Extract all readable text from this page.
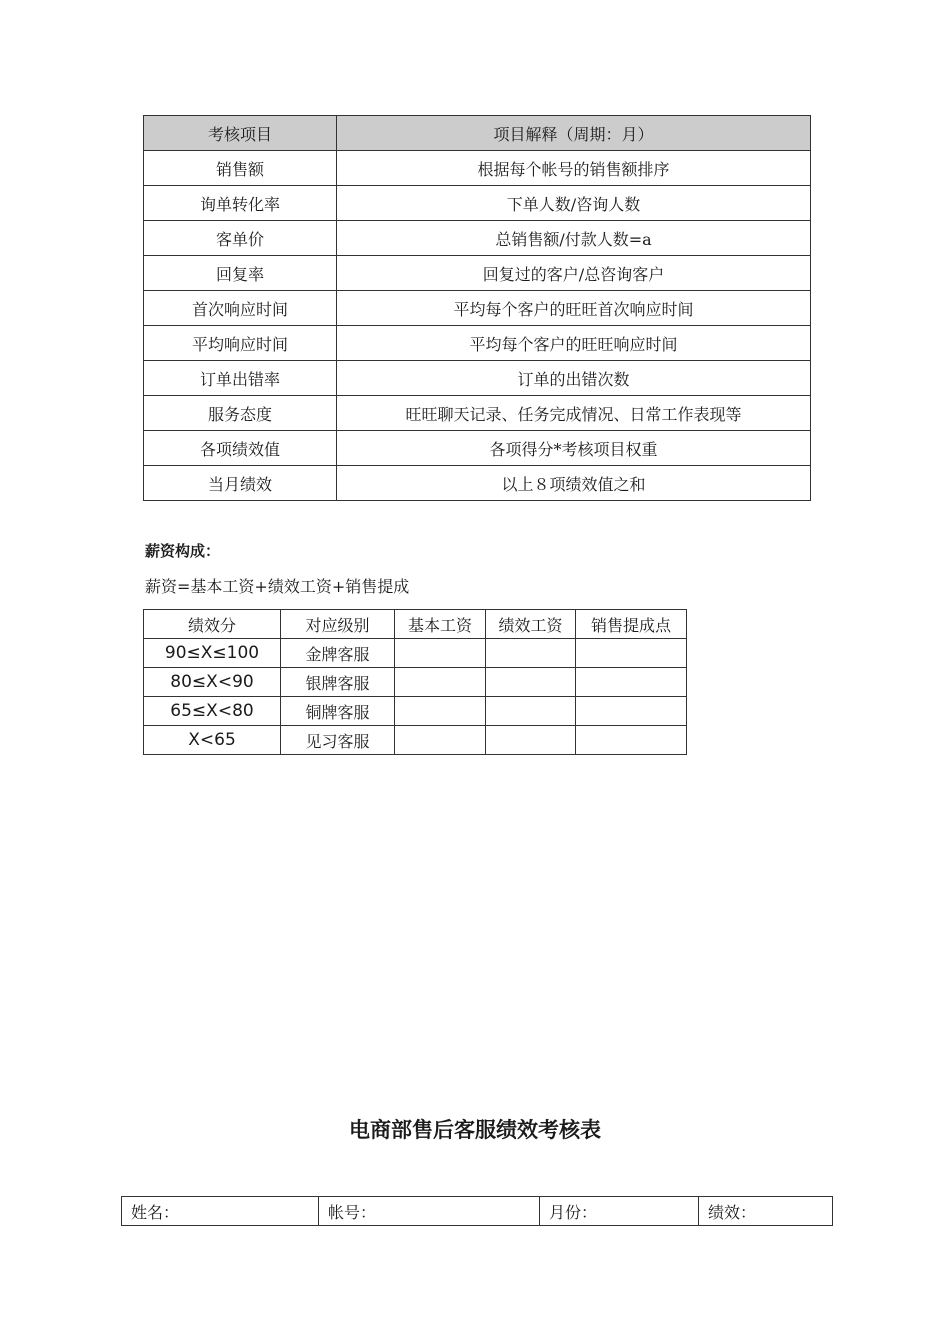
考核项目	项目解释（周期：月）
销售额	根据每个帐号的销售额排序
询单转化率	下单人数/咨询人数
客单价	总销售额/付款人数=a
回复率	回复过的客户/总咨询客户
首次响应时间	平均每个客户的旺旺首次响应时间
平均响应时间	平均每个客户的旺旺响应时间
订单出错率	订单的出错次数
服务态度	旺旺聊天记录、任务完成情况、日常工作表现等
各项绩效值	各项得分*考核项目权重
当月绩效	以上８项绩效值之和
薪资构成：
薪资=基本工资+绩效工资+销售提成
绩效分	对应级别	基本工资	绩效工资	销售提成点
90≤X≤100	金牌客服			
80≤X<90	银牌客服			
65≤X<80	铜牌客服			
X<65	见习客服			
电商部售后客服绩效考核表
姓名：	帐号：	月份：	绩效：
